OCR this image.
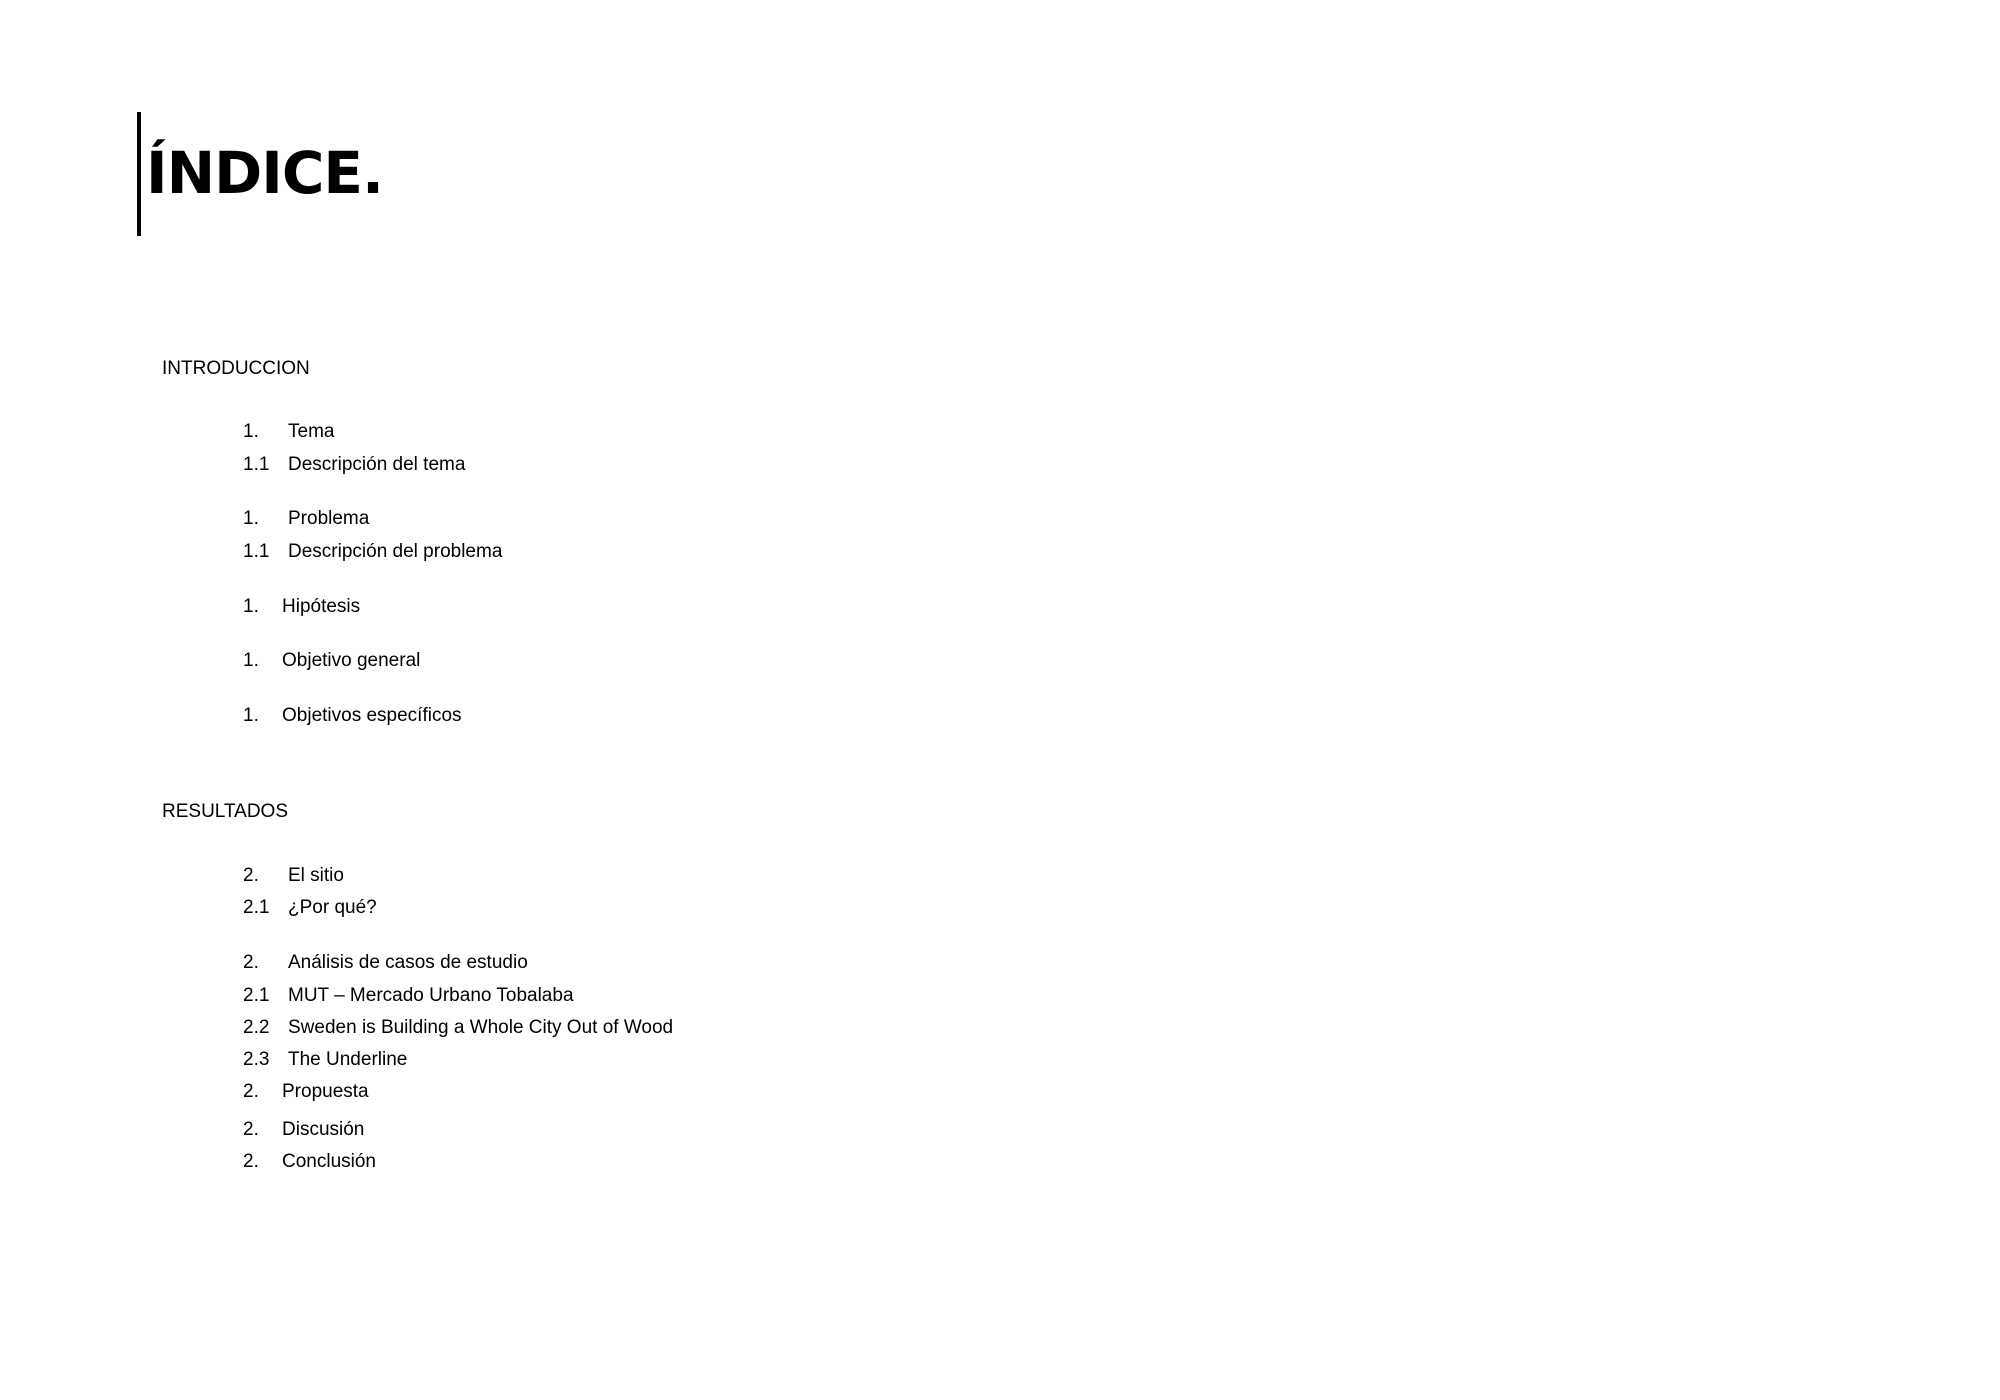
ÍNDICE.
INTRODUCCION
1. Tema
1.1 Descripción del tema
1. Problema
1.1 Descripción del problema
1. Hipótesis
1. Objetivo general
1. Objetivos específicos
RESULTADOS
2. El sitio
2.1 ¿Por qué?
2. Análisis de casos de estudio
2.1 MUT – Mercado Urbano Tobalaba
2.2 Sweden is Building a Whole City Out of Wood
2.3 The Underline
2. Propuesta
2. Discusión
2. Conclusión
